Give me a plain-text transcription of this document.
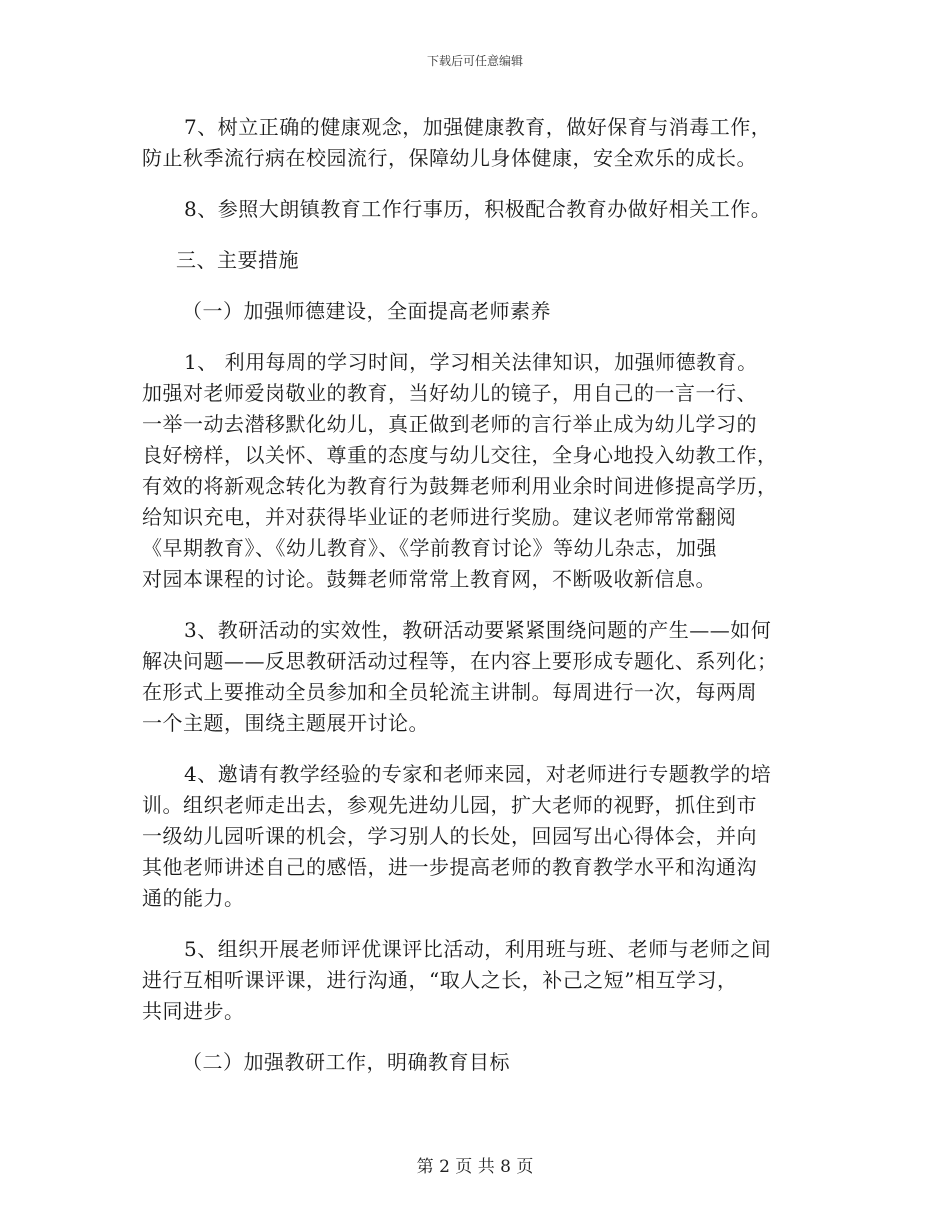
下载后可任意编辑
7、树立正确的健康观念，加强健康教育，做好保育与消毒工作，
防止秋季流行病在校园流行，保障幼儿身体健康，安全欢乐的成长。
8、参照大朗镇教育工作行事历，积极配合教育办做好相关工作。
三、主要措施
（一）加强师德建设，全面提高老师素养
1、 利用每周的学习时间，学习相关法律知识，加强师德教育。
加强对老师爱岗敬业的教育，当好幼儿的镜子，用自己的一言一行、
一举一动去潜移默化幼儿，真正做到老师的言行举止成为幼儿学习的
良好榜样，以关怀、尊重的态度与幼儿交往，全身心地投入幼教工作，
有效的将新观念转化为教育行为鼓舞老师利用业余时间进修提高学历，
给知识充电，并对获得毕业证的老师进行奖励。建议老师常常翻阅
《早期教育》、《幼儿教育》、《学前教育讨论》等幼儿杂志，加强
对园本课程的讨论。鼓舞老师常常上教育网，不断吸收新信息。
3、教研活动的实效性，教研活动要紧紧围绕问题的产生——如何
解决问题——反思教研活动过程等，在内容上要形成专题化、系列化；
在形式上要推动全员参加和全员轮流主讲制。每周进行一次，每两周
一个主题，围绕主题展开讨论。
4、邀请有教学经验的专家和老师来园，对老师进行专题教学的培
训。组织老师走出去，参观先进幼儿园，扩大老师的视野，抓住到市
一级幼儿园听课的机会，学习别人的长处，回园写出心得体会，并向
其他老师讲述自己的感悟，进一步提高老师的教育教学水平和沟通沟
通的能力。
5、组织开展老师评优课评比活动，利用班与班、老师与老师之间
进行互相听课评课，进行沟通，“取人之长，补己之短”相互学习，
共同进步。
（二）加强教研工作，明确教育目标
第 2 页 共 8 页
